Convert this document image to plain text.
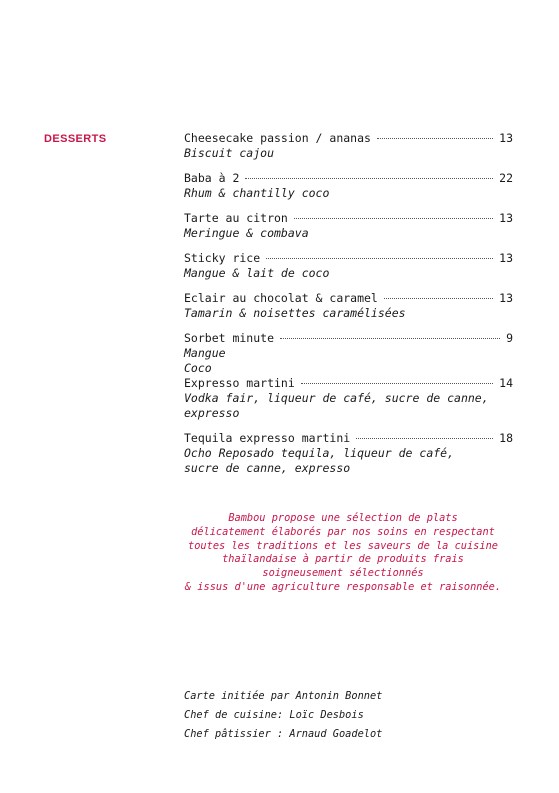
DESSERTS	Cheesecake passion / ananas	13
Biscuit cajou
Baba à 2	22
Rhum & chantilly coco
Tarte au citron	13
Meringue & combava
Sticky rice	13
Mangue & lait de coco
Eclair au chocolat & caramel	13
Tamarin & noisettes caramélisées
Sorbet minute	9
Mangue
Coco
Expresso martini	14
Vodka fair, liqueur de café, sucre de canne,
expresso
Tequila expresso martini	18
Ocho Reposado tequila, liqueur de café,
sucre de canne, expresso
Bambou propose une sélection de plats
délicatement élaborés par nos soins en respectant
toutes les traditions et les saveurs de la cuisine
thaïlandaise à partir de produits frais
soigneusement sélectionnés
& issus d'une agriculture responsable et raisonnée.
Carte initiée par Antonin Bonnet
Chef de cuisine: Loïc Desbois
Chef pâtissier : Arnaud Goadelot
